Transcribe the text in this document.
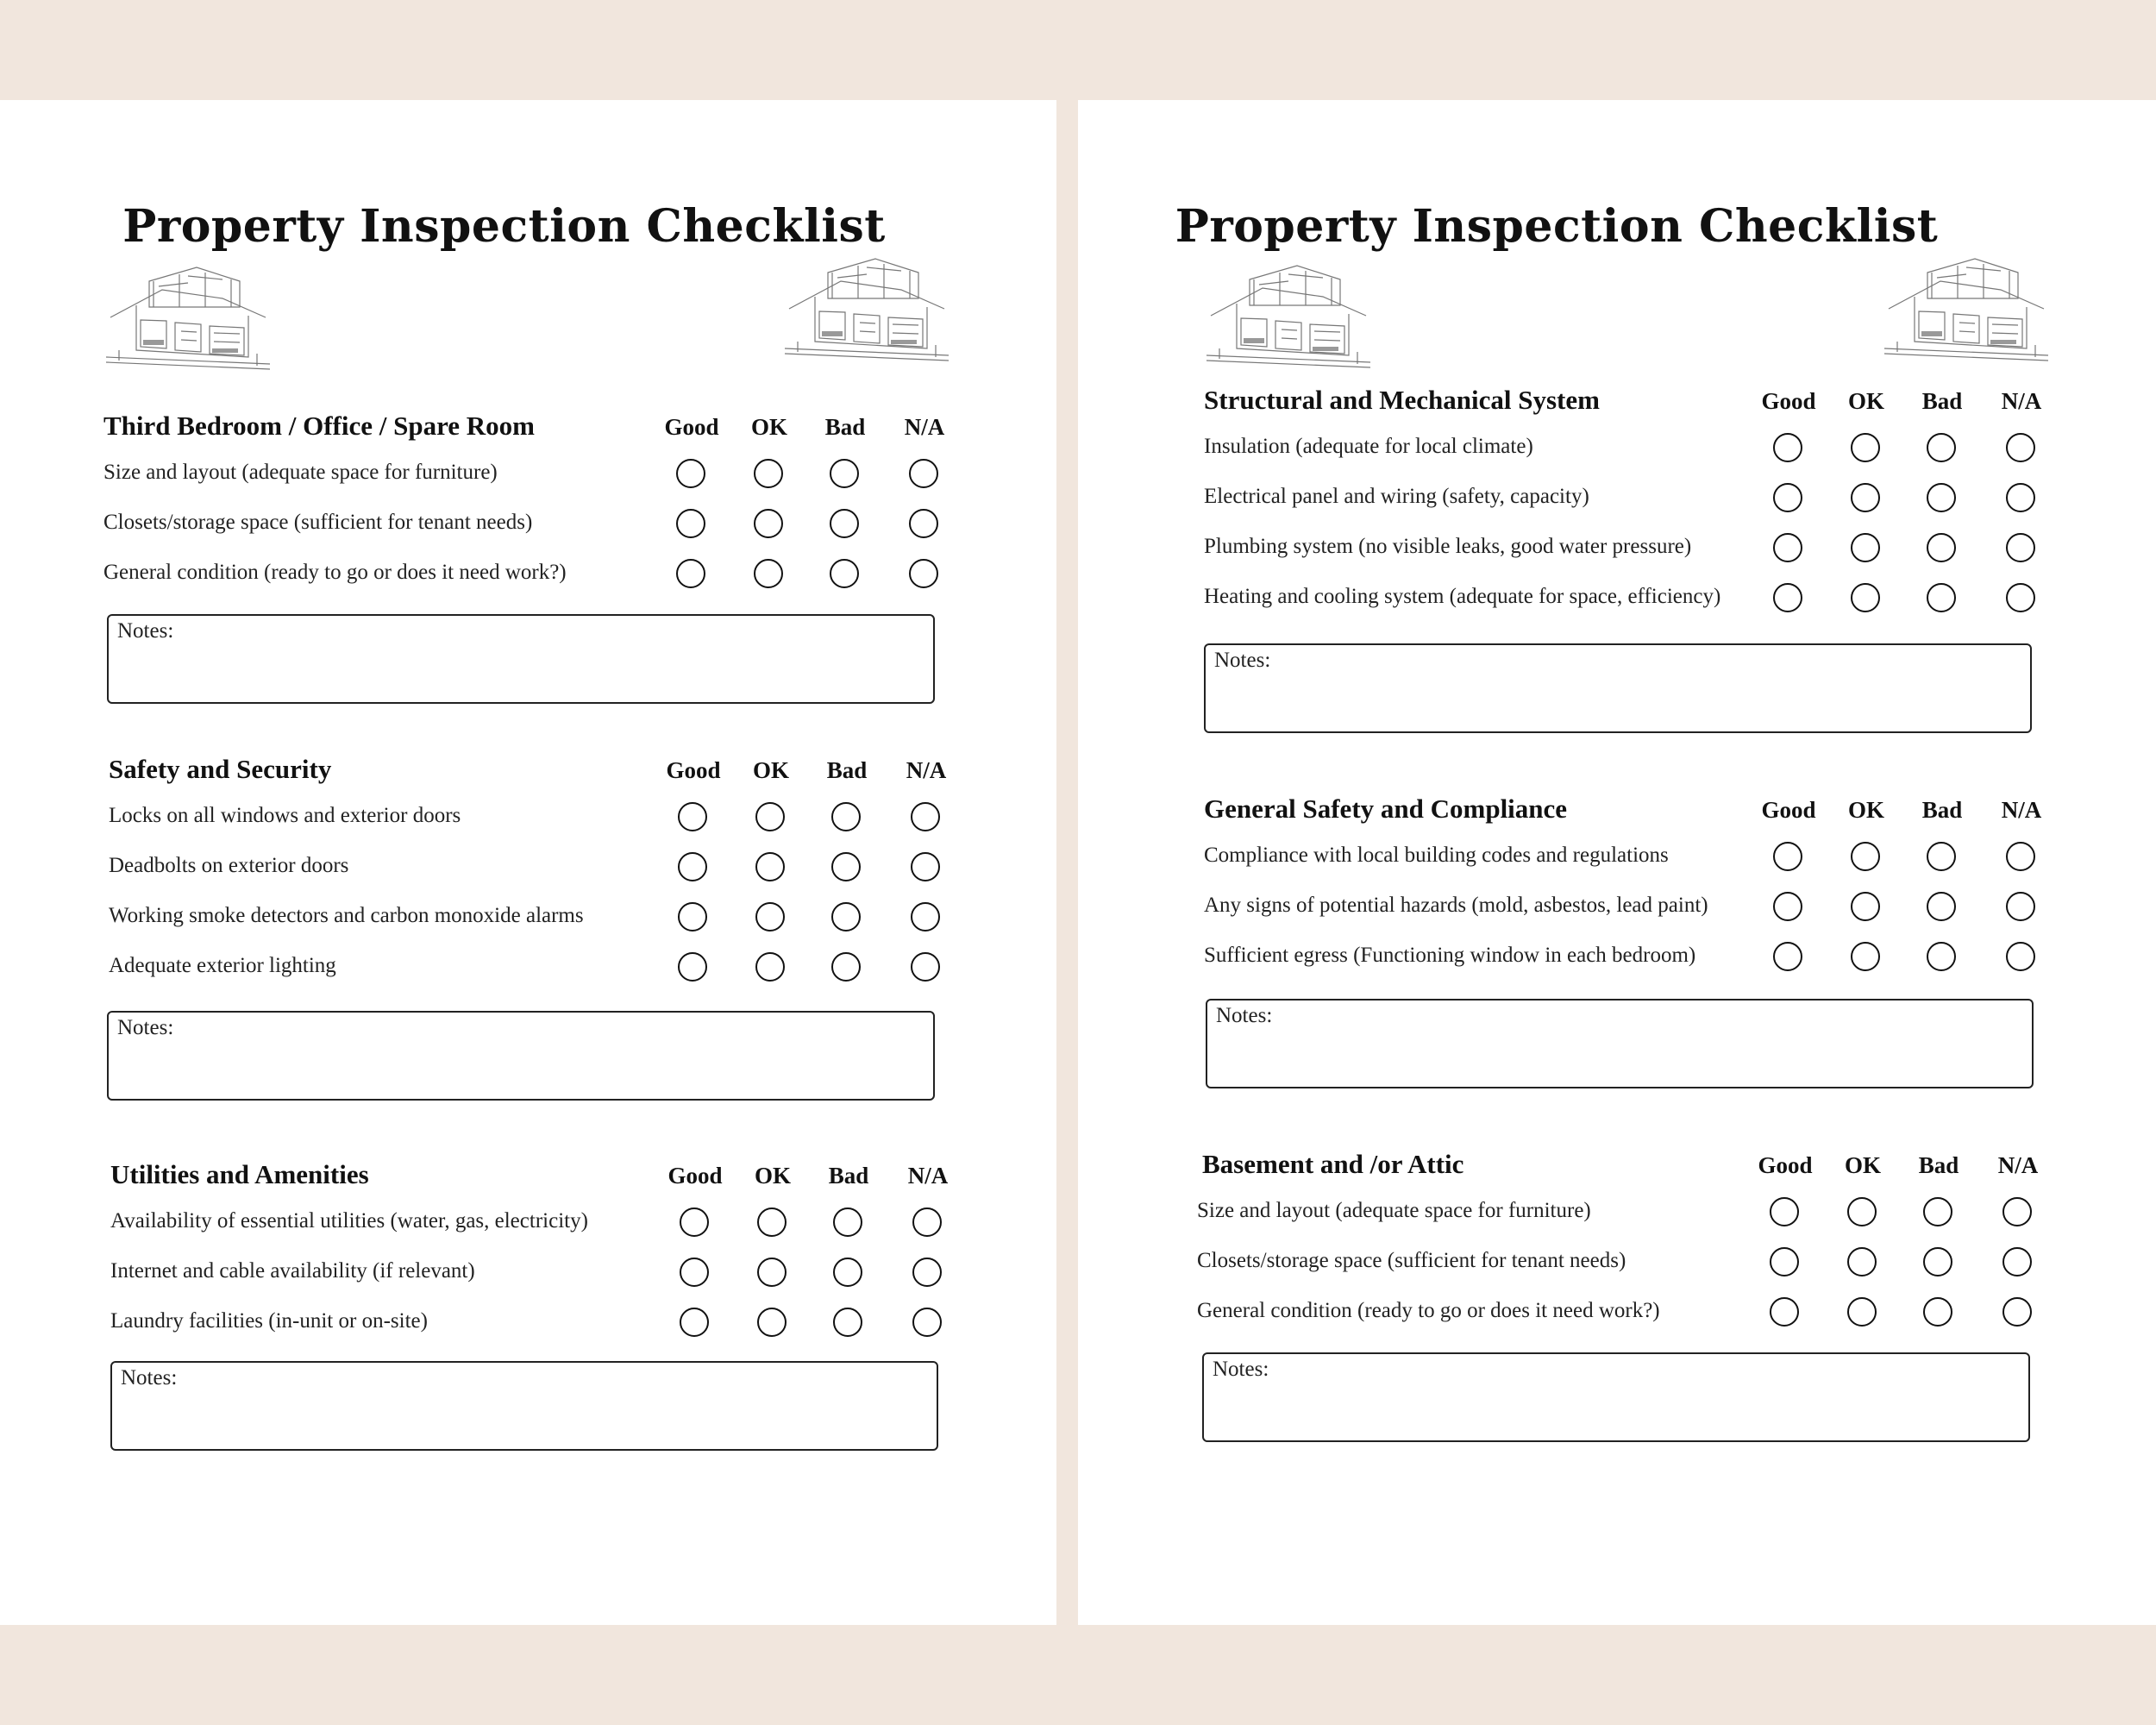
Property Inspection Checklist
Third Bedroom / Office / Spare Room	Good	OK	Bad	N/A
Size and layout (adequate space for furniture)
Closets/storage space (sufficient for tenant needs)
General condition (ready to go or does it need work?)
Notes:
Safety and Security	Good	OK	Bad	N/A
Locks on all windows and exterior doors
Deadbolts on exterior doors
Working smoke detectors and carbon monoxide alarms
Adequate exterior lighting
Notes:
Utilities and Amenities	Good	OK	Bad	N/A
Availability of essential utilities (water, gas, electricity)
Internet and cable availability (if relevant)
Laundry facilities (in-unit or on-site)
Notes:
Property Inspection Checklist
Structural and Mechanical System	Good	OK	Bad	N/A
Insulation (adequate for local climate)
Electrical panel and wiring (safety, capacity)
Plumbing system (no visible leaks, good water pressure)
Heating and cooling system (adequate for space, efficiency)
Notes:
General Safety and Compliance	Good	OK	Bad	N/A
Compliance with local building codes and regulations
Any signs of potential hazards (mold, asbestos, lead paint)
Sufficient egress (Functioning window in each bedroom)
Notes:
Basement and /or Attic	Good	OK	Bad	N/A
Size and layout (adequate space for furniture)
Closets/storage space (sufficient for tenant needs)
General condition (ready to go or does it need work?)
Notes:
